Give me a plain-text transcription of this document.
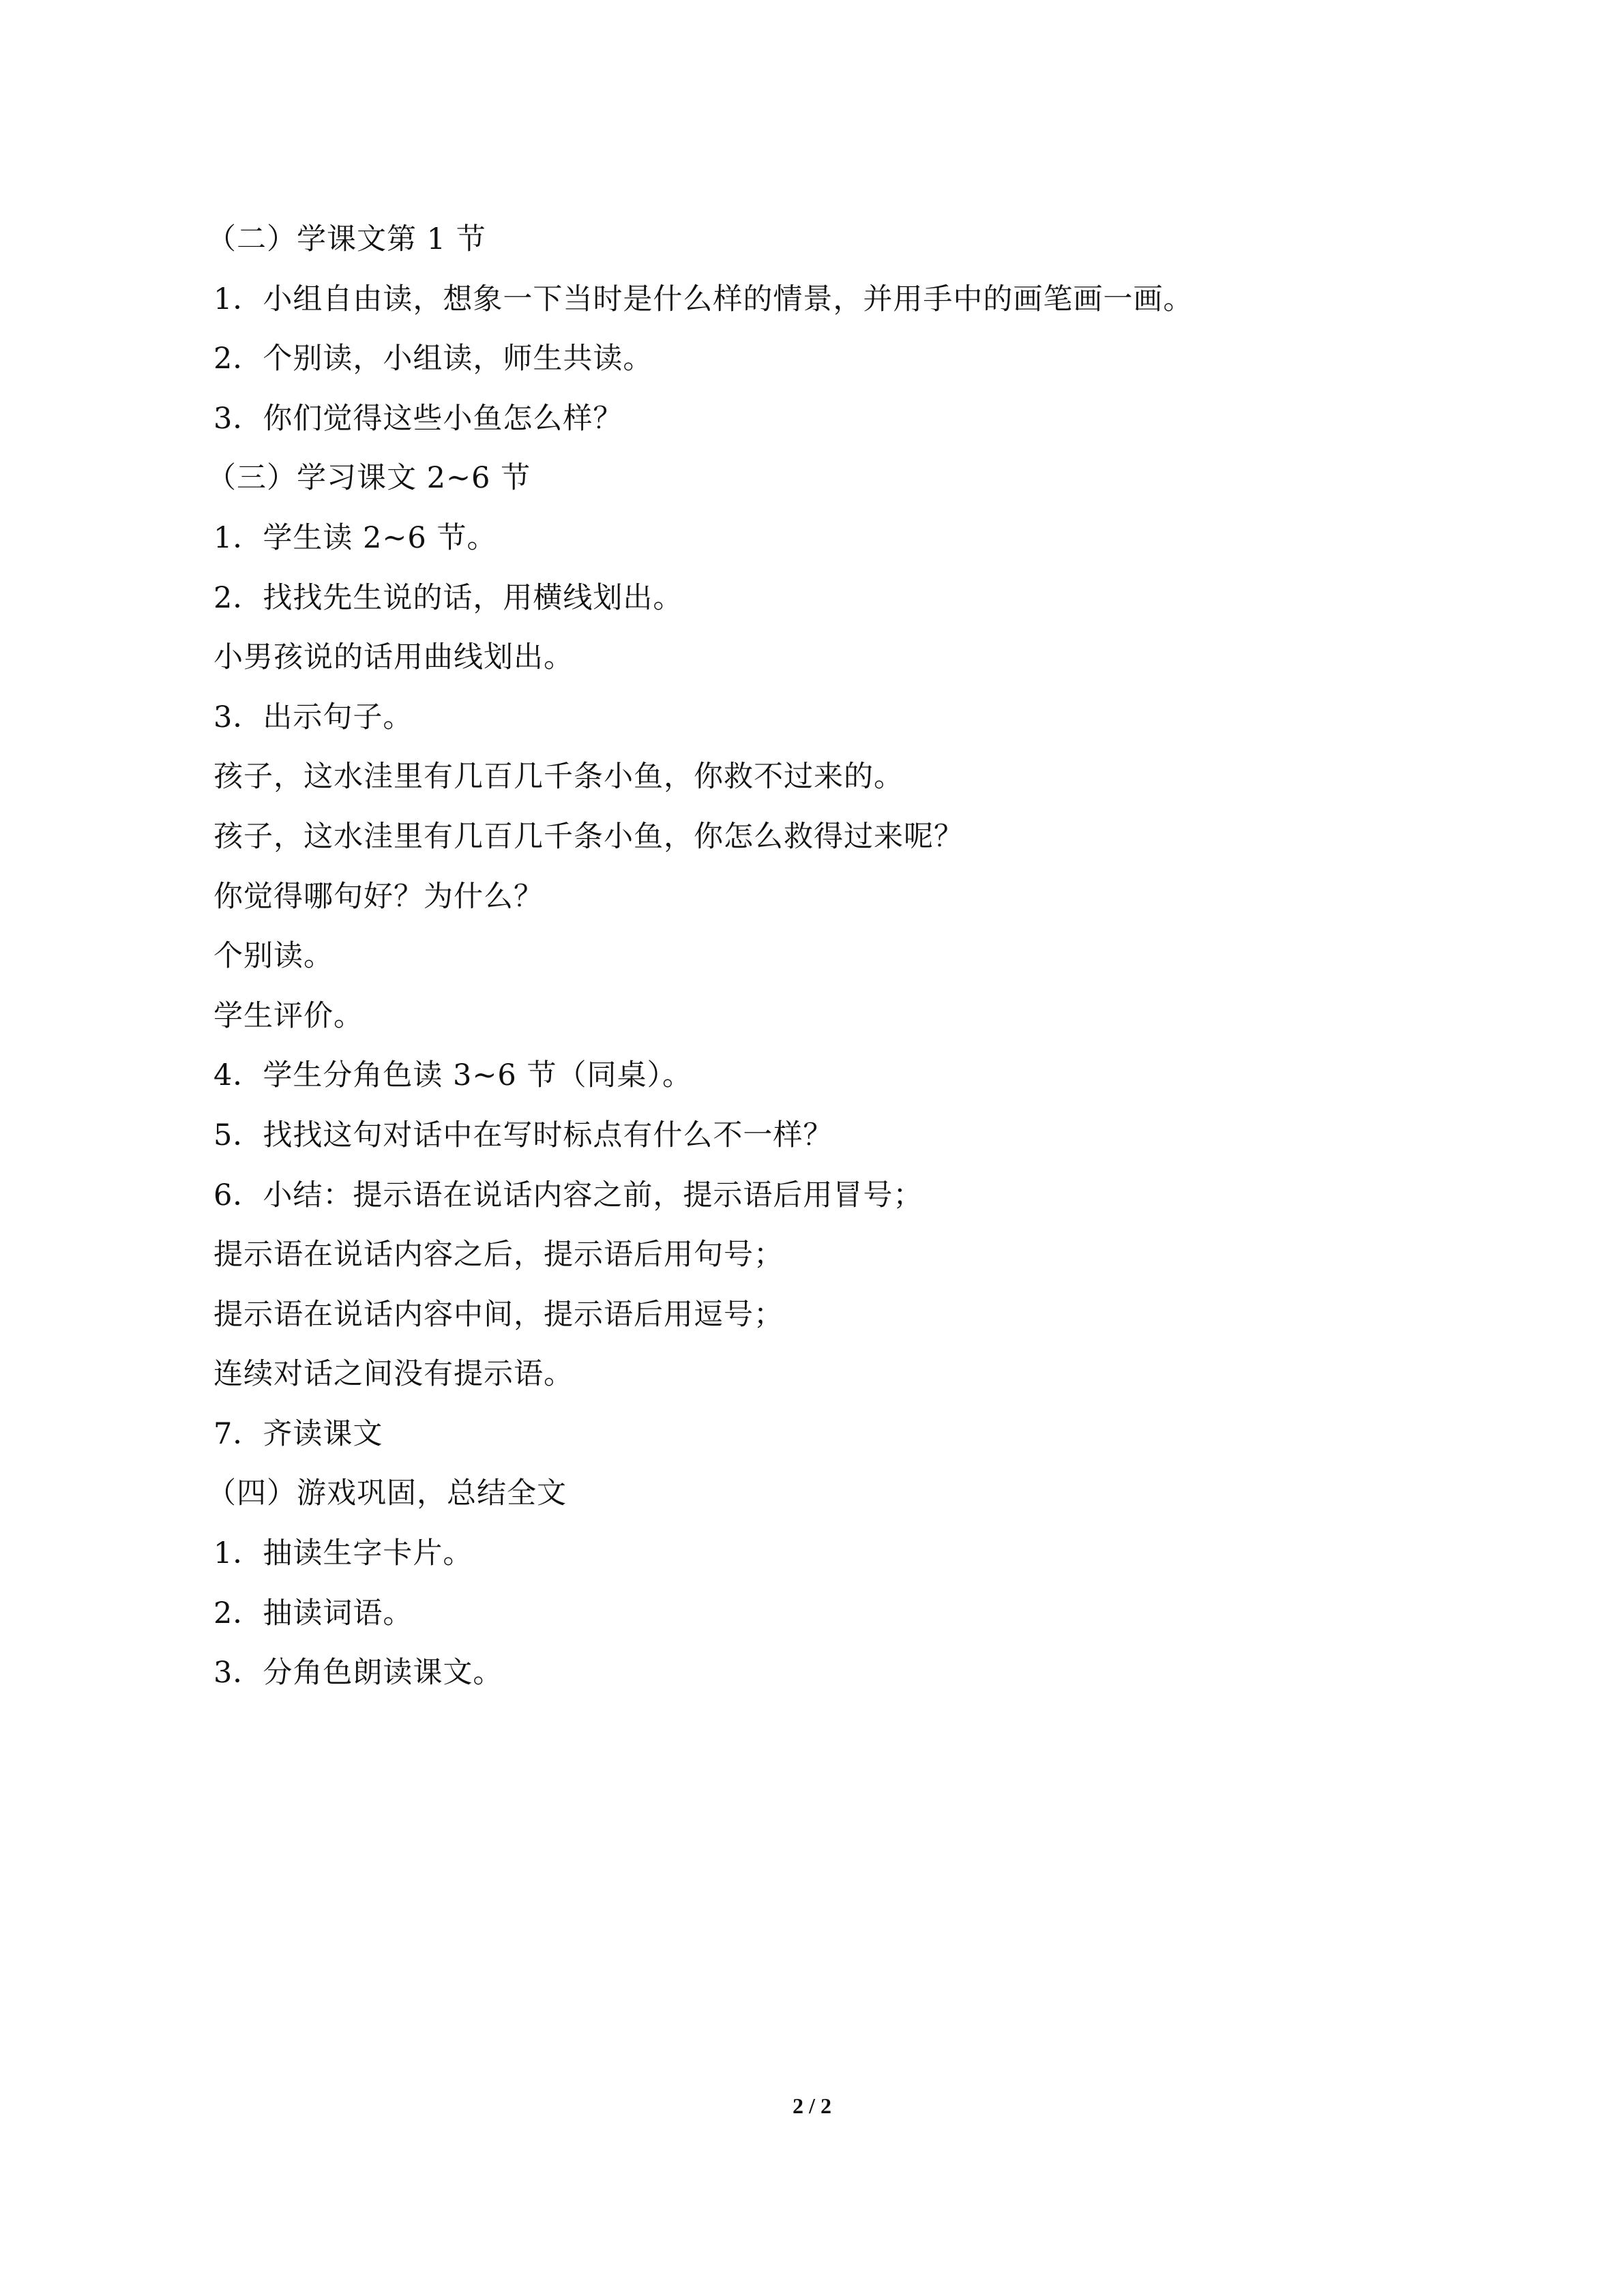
（二）学课文第 1 节
1．小组自由读，想象一下当时是什么样的情景，并用手中的画笔画一画。
2．个别读，小组读，师生共读。
3．你们觉得这些小鱼怎么样？
（三）学习课文 2~6 节
1．学生读 2~6 节。
2．找找先生说的话，用横线划出。
小男孩说的话用曲线划出。
3．出示句子。
孩子，这水洼里有几百几千条小鱼，你救不过来的。
孩子，这水洼里有几百几千条小鱼，你怎么救得过来呢？
你觉得哪句好？为什么？
个别读。
学生评价。
4．学生分角色读 3~6 节（同桌）。
5．找找这句对话中在写时标点有什么不一样？
6．小结：提示语在说话内容之前，提示语后用冒号；
提示语在说话内容之后，提示语后用句号；
提示语在说话内容中间，提示语后用逗号；
连续对话之间没有提示语。
7．齐读课文
（四）游戏巩固，总结全文
1．抽读生字卡片。
2．抽读词语。
3．分角色朗读课文。
2 / 2
